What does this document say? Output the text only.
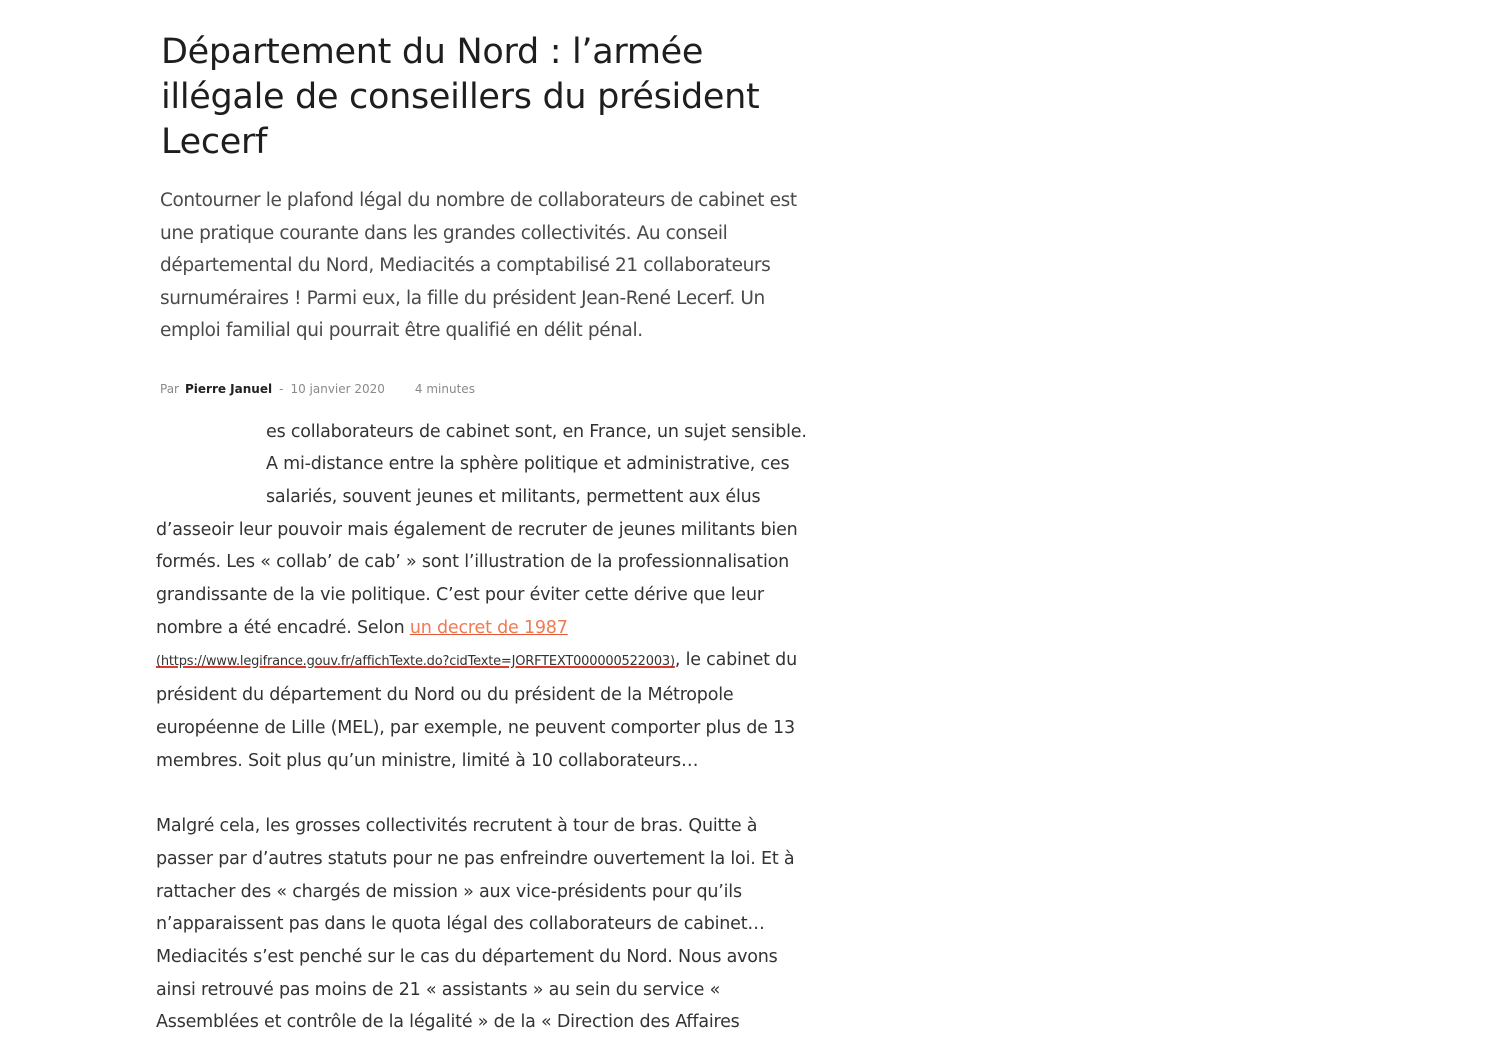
Département du Nord : l’armée illégale de conseillers du président Lecerf

Contourner le plafond légal du nombre de collaborateurs de cabinet est une pratique courante dans les grandes collectivités. Au conseil départemental du Nord, Mediacités a comptabilisé 21 collaborateurs surnuméraires ! Parmi eux, la fille du président Jean-René Lecerf. Un emploi familial qui pourrait être qualifié en délit pénal.

Par Pierre Januel - 10 janvier 2020	4 minutes
es collaborateurs de cabinet sont, en France, un sujet sensible. A mi-distance entre la sphère politique et administrative, ces salariés, souvent jeunes et militants, permettent aux élus d’asseoir leur pouvoir mais également de recruter de jeunes militants bien formés. Les « collab’ de cab’ » sont l’illustration de la professionnalisation grandissante de la vie politique. C’est pour éviter cette dérive que leur nombre a été encadré. Selon un decret de 1987
(https://www.legifrance.gouv.fr/affichTexte.do?cidTexte=JORFTEXT000000522003), le cabinet du président du département du Nord ou du président de la Métropole européenne de Lille (MEL), par exemple, ne peuvent comporter plus de 13 membres. Soit plus qu’un ministre, limité à 10 collaborateurs…
Malgré cela, les grosses collectivités recrutent à tour de bras. Quitte à passer par d’autres statuts pour ne pas enfreindre ouvertement la loi. Et à rattacher des « chargés de mission » aux vice-présidents pour qu’ils n’apparaissent pas dans le quota légal des collaborateurs de cabinet… Mediacités s’est penché sur le cas du département du Nord. Nous avons ainsi retrouvé pas moins de 21 « assistants » au sein du service « Assemblées et contrôle de la légalité » de la « Direction des Affaires
